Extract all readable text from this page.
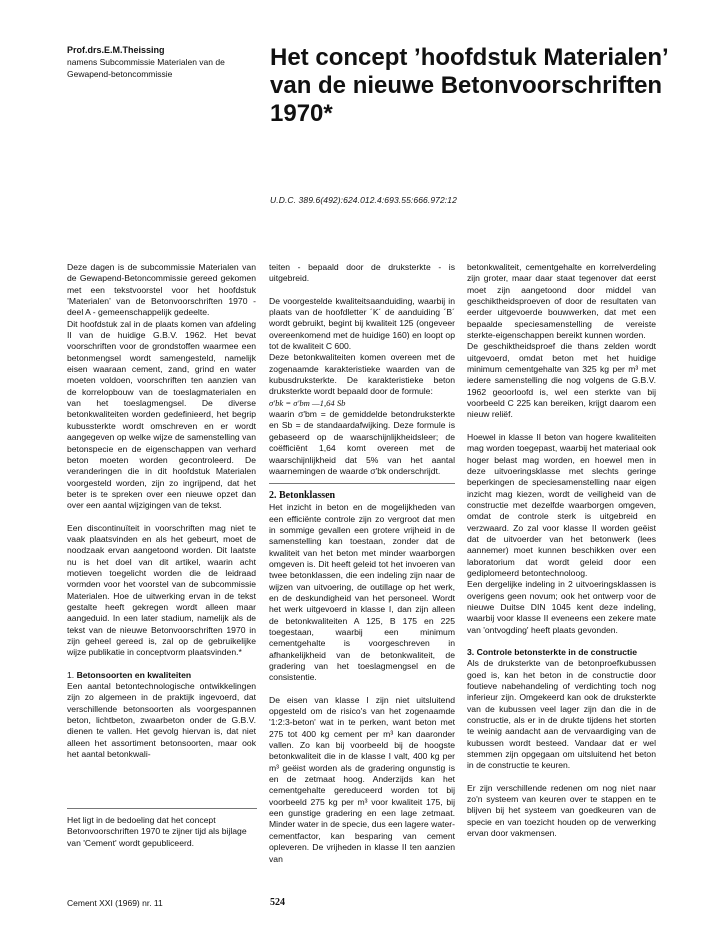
Prof.drs.E.M.Theissing
namens Subcommissie Materialen van de Gewapend-betoncommissie
Het concept ’hoofdstuk Materialen’ van de nieuwe Betonvoorschriften 1970*
U.D.C. 389.6(492):624.012.4:693.55:666.972:12

Deze dagen is de subcommissie Materialen van de Gewapend-Betoncommissie gereed gekomen met een tekstvoorstel voor het hoofdstuk ’Materialen’ van de Betonvoorschriften 1970 - deel A - gemeenschappelijk gedeelte.

Dit hoofdstuk zal in de plaats komen van afdeling II van de huidige G.B.V. 1962. Het bevat voorschriften voor de grondstoffen waarmee een betonmengsel wordt samengesteld, namelijk eisen waaraan cement, zand, grind en water moeten voldoen, voorschriften ten aanzien van de korrelopbouw van de toeslagmaterialen en van het toeslagmengsel. De diverse betonkwaliteiten worden gedefinieerd, het begrip kubussterkte wordt omschreven en er wordt aangegeven op welke wijze de samenstelling van betonspecie en de eigenschappen van verhard beton moeten worden gecontroleerd. De veranderingen die in dit hoofdstuk Materialen voorgesteld worden, zijn zo ingrijpend, dat het beter is te spreken over een nieuwe opzet dan over een aantal wijzigingen van de tekst.

Een discontinuïteit in voorschriften mag niet te vaak plaatsvinden en als het gebeurt, moet de noodzaak ervan aangetoond worden. Dit laatste nu is het doel van dit artikel, waarin acht motieven toegelicht worden die de leidraad vormden voor het voorstel van de subcommissie Materialen. Hoe de uitwerking ervan in de tekst gestalte heeft gekregen wordt alleen maar aangeduid. In een later stadium, namelijk als de tekst van de nieuwe Betonvoorschriften 1970 in zijn geheel gereed is, zal op de gebruikelijke wijze publikatie in conceptvorm plaatsvinden.*

1. Betonsoorten en kwaliteiten

Een aantal betontechnologische ontwikkelingen zijn zo algemeen in de praktijk ingevoerd, dat verschillende betonsoorten als voorgespannen beton, lichtbeton, zwaarbeton onder de G.B.V. dienen te vallen. Het gevolg hiervan is, dat niet alleen het assortiment betonsoorten, maar ook het aantal betonkwali-

Het ligt in de bedoeling dat het concept Betonvoorschriften 1970 te zijner tijd als bijlage van 'Cement' wordt gepubliceerd.

teiten - bepaald door de druksterkte - is uitgebreid.

De voorgestelde kwaliteitsaanduiding, waarbij in plaats van de hoofdletter ´K´ de aanduiding ´B´ wordt gebruikt, begint bij kwaliteit 125 (ongeveer overeenkomend met de huidige 160) en loopt op tot de kwaliteit C 600.

Deze betonkwaliteiten komen overeen met de zogenaamde karakteristieke waarden van de kubusdruksterkte. De karakteristieke beton druksterkte wordt bepaald door de formule:

σ'bk = σ'bm —1,64 Sb

waarin σ'bm = de gemiddelde betondruksterkte en Sb = de standaardafwijking. Deze formule is gebaseerd op de waarschijnlijkheidsleer; de coëfficiënt 1,64 komt overeen met de waarschijnlijkheid dat 5% van het aantal waarnemingen de waarde σ'bk onderschrijdt.

2. Betonklassen

Het inzicht in beton en de mogelijkheden van een efficiënte controle zijn zo vergroot dat men in sommige gevallen een grotere vrijheid in de samenstelling kan toestaan, zonder dat de kwaliteit van het beton met minder waarborgen omgeven is. Dit heeft geleid tot het invoeren van twee betonklassen, die een indeling zijn naar de wijzen van uitvoering, de outillage op het werk, en de deskundigheid van het personeel. Wordt het werk uitgevoerd in klasse I, dan zijn alleen de betonkwaliteiten A 125, B 175 en 225 toegestaan, waarbij een minimum cementgehalte is voorgeschreven in afhankelijkheid van de betonkwaliteit, de gradering van het toeslagmengsel en de consistentie.

De eisen van klasse I zijn niet uitsluitend opgesteld om de risico's van het zogenaamde '1:2:3-beton' wat in te perken, want beton met 275 tot 400 kg cement per m³ kan daaronder vallen. Zo kan bij voorbeeld bij de hoogste betonkwaliteit die in de klasse I valt, 400 kg per m³ geëist worden als de gradering ongunstig is en de zetmaat hoog. Anderzijds kan het cementgehalte gereduceerd worden tot bij voorbeeld 275 kg per m³ voor kwaliteit 175, bij een gunstige gradering en een lage zetmaat. Minder water in de specie, dus een lagere water-cementfactor, kan besparing van cement opleveren. De vrijheden in klasse II ten aanzien van

betonkwaliteit, cementgehalte en korrelverdeling zijn groter, maar daar staat tegenover dat eerst moet zijn aangetoond door middel van geschiktheidsproeven of door de resultaten van eerder uitgevoerde bouwwerken, dat met een bepaalde speciesamenstelling de vereiste sterkte-eigenschappen bereikt kunnen worden.

De geschiktheidsproef die thans zelden wordt uitgevoerd, omdat beton met het huidige minimum cementgehalte van 325 kg per m³ met iedere samenstelling die nog volgens de G.B.V. 1962 geoorloofd is, wel een sterkte van bij voorbeeld C 225 kan bereiken, krijgt daarom een nieuw reliëf.

Hoewel in klasse II beton van hogere kwaliteiten mag worden toegepast, waarbij het materiaal ook hoger belast mag worden, en hoewel men in deze uitvoeringsklasse met slechts geringe beperkingen de speciesamenstelling naar eigen inzicht mag kiezen, wordt de veiligheid van de constructie met dezelfde waarborgen omgeven, omdat de controle sterk is uitgebreid en verzwaard. Zo zal voor klasse II worden geëist dat de uitvoerder van het betonwerk (lees aannemer) moet kunnen beschikken over een laboratorium dat wordt geleid door een gediplomeerd betontechnoloog.

Een dergelijke indeling in 2 uitvoeringsklassen is overigens geen novum; ook het ontwerp voor de nieuwe Duitse DIN 1045 kent deze indeling, waarbij voor klasse II eveneens een zekere mate van 'ontvogding' heeft plaats gevonden.

3. Controle betonsterkte in de constructie

Als de druksterkte van de betonproefkubussen goed is, kan het beton in de constructie door foutieve nabehandeling of verdichting toch nog inferieur zijn. Omgekeerd kan ook de druksterkte van de kubussen veel lager zijn dan die in de constructie, als er in de drukte tijdens het storten te weinig aandacht aan de vervaardiging van de kubussen wordt besteed. Vandaar dat er wel stemmen zijn opgegaan om uitsluitend het beton in de constructie te keuren.

Er zijn verschillende redenen om nog niet naar zo'n systeem van keuren over te stappen en te blijven bij het systeem van goedkeuren van de specie en van toezicht houden op de verwerking ervan door vakmensen.

Cement XXI (1969) nr. 11	524
